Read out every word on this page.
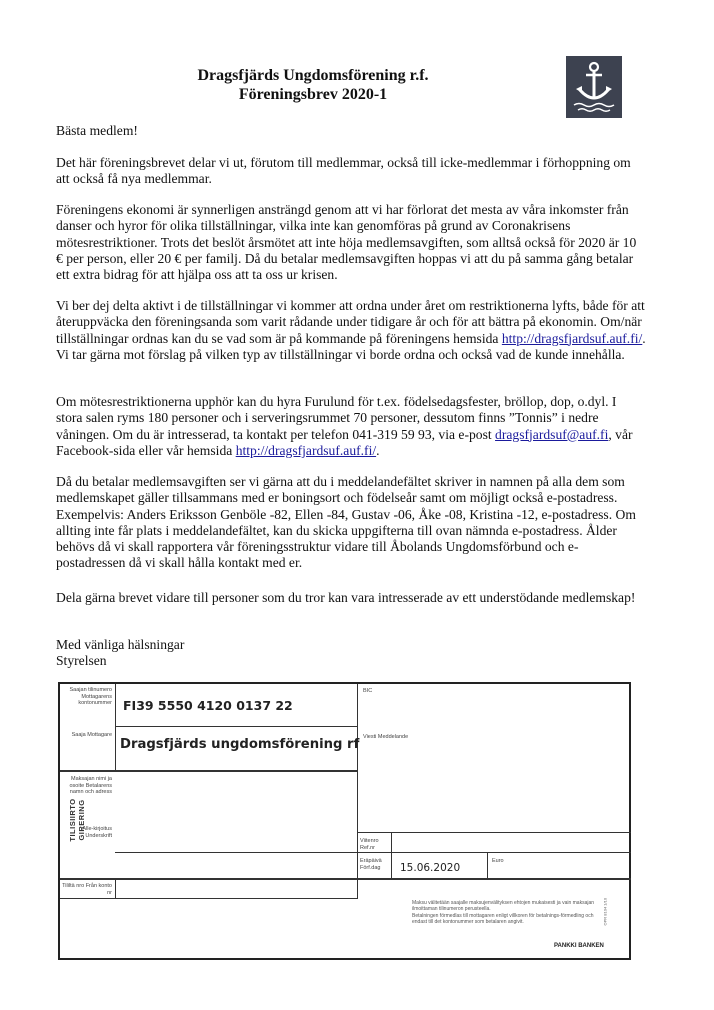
Dragsfjärds Ungdomsförening r.f.
Föreningsbrev 2020-1
Bästa medlem!

Det här föreningsbrevet delar vi ut, förutom till medlemmar, också till icke-medlemmar i förhoppning om att också få nya medlemmar.

Föreningens ekonomi är synnerligen ansträngd genom att vi har förlorat det mesta av våra inkomster från danser och hyror för olika tillställningar, vilka inte kan genomföras på grund av Coronakrisens mötesrestriktioner. Trots det beslöt årsmötet att inte höja medlemsavgiften, som alltså också för 2020 är 10 € per person, eller 20 € per familj. Då du betalar medlemsavgiften hoppas vi att du på samma gång betalar ett extra bidrag för att hjälpa oss att ta oss ur krisen.

Vi ber dej delta aktivt i de tillställningar vi kommer att ordna under året om restriktionerna lyfts, både för att återuppväcka den föreningsanda som varit rådande under tidigare år och för att bättra på ekonomin. Om/när tillställningar ordnas kan du se vad som är på kommande på föreningens hemsida http://dragsfjardsuf.auf.fi/. Vi tar gärna mot förslag på vilken typ av tillställningar vi borde ordna och också vad de kunde innehålla.

Om mötesrestriktionerna upphör kan du hyra Furulund för t.ex. födelsedagsfester, bröllop, dop, o.dyl. I stora salen ryms 180 personer och i serveringsrummet 70 personer, dessutom finns ”Tonnis” i nedre våningen. Om du är intresserad, ta kontakt per telefon 041-319 59 93, via e-post dragsfjardsuf@auf.fi, vår Facebook-sida eller vår hemsida http://dragsfjardsuf.auf.fi/.

Då du betalar medlemsavgiften ser vi gärna att du i meddelandefältet skriver in namnen på alla dem som medlemskapet gäller tillsammans med er boningsort och födelseår samt om möjligt också e-postadress. Exempelvis: Anders Eriksson Genböle -82, Ellen -84, Gustav -06, Åke -08, Kristina -12, e-postadress. Om allting inte får plats i meddelandefältet, kan du skicka uppgifterna till ovan nämnda e-postadress. Ålder behövs då vi skall rapportera vår föreningsstruktur vidare till Åbolands Ungdomsförbund och e-postadressen då vi skall hålla kontakt med er.

Dela gärna brevet vidare till personer som du tror kan vara intresserade av ett understödande medlemskap!

Med vänliga hälsningar
Styrelsen
Saajan tilinumero Mottagarens kontonummer FI39 5550 4120 0137 22
BIC
Saaja Mottagare
Dragsfjärds ungdomsförening rf Viesti Meddelande
TILISIIRTO GIRERING
Maksajan nimi ja osoite Betalarens namn och adress
Alle-kirjoitus Underskrift
Tililtä nro Från konto nr
Viitenro Ref.nr
Eräpäivä Förf.dag	15.06.2020
Euro
Maksu välitetään saajalle maksujenvälityksen ehtojen mukaisesti ja vain maksajan ilmoittaman tilinumeron perusteella.
Betalningen förmedlas till mottagaren enligt villkoren för betalnings-förmedling och endast till det kontonummer som betalaren angivit.	OPR 8104 1/10
PANKKI BANKEN
